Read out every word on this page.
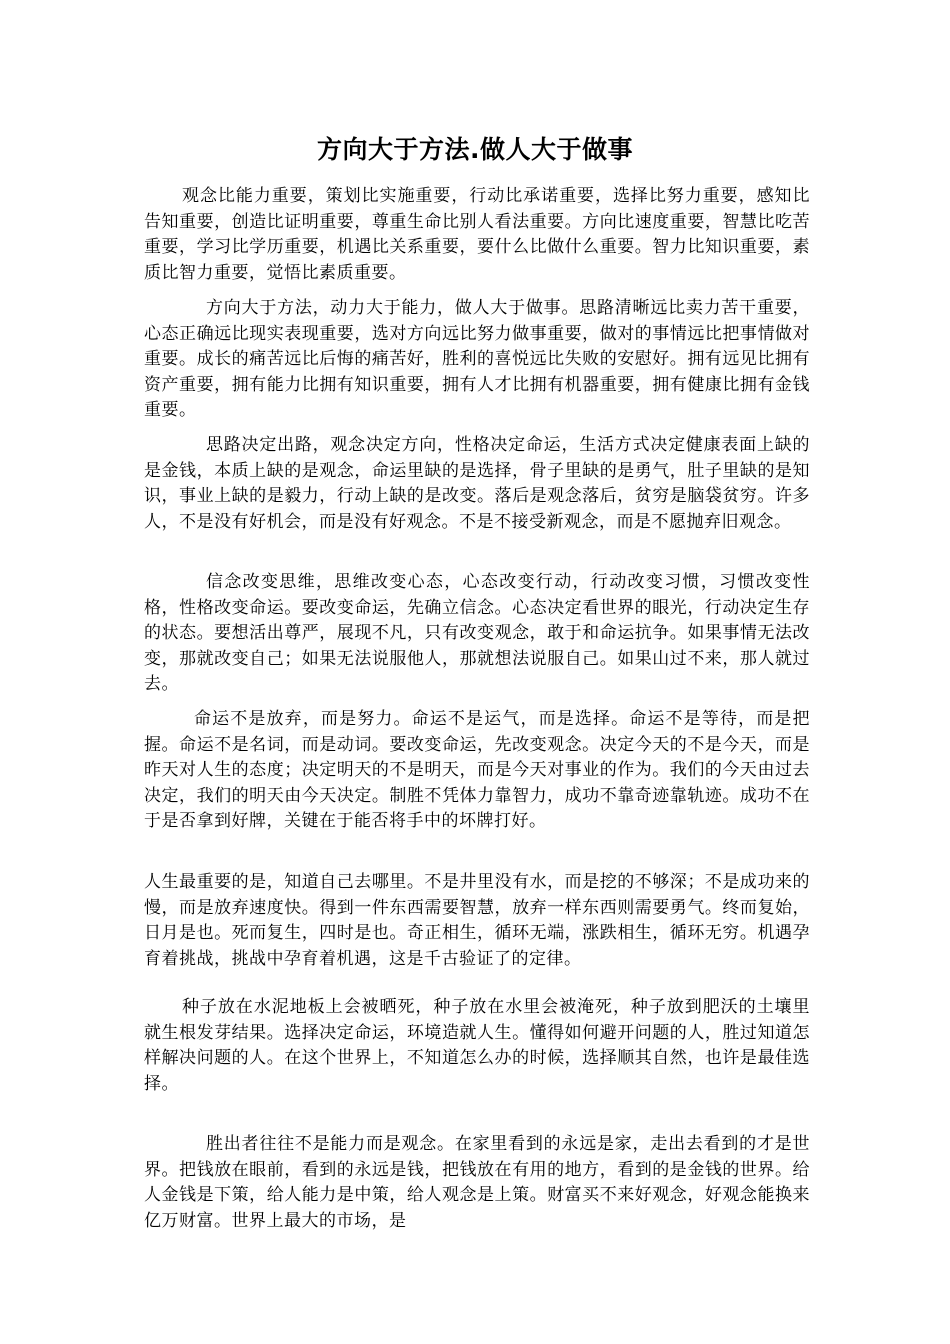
方向大于方法.做人大于做事

观念比能力重要，策划比实施重要，行动比承诺重要，选择比努力重要，感知比告知重要，创造比证明重要，尊重生命比别人看法重要。方向比速度重要，智慧比吃苦重要，学习比学历重要，机遇比关系重要，要什么比做什么重要。智力比知识重要，素质比智力重要，觉悟比素质重要。

方向大于方法，动力大于能力，做人大于做事。思路清晰远比卖力苦干重要，心态正确远比现实表现重要，选对方向远比努力做事重要，做对的事情远比把事情做对重要。成长的痛苦远比后悔的痛苦好，胜利的喜悦远比失败的安慰好。拥有远见比拥有资产重要，拥有能力比拥有知识重要，拥有人才比拥有机器重要，拥有健康比拥有金钱重要。

思路决定出路，观念决定方向，性格决定命运，生活方式决定健康表面上缺的是金钱，本质上缺的是观念，命运里缺的是选择，骨子里缺的是勇气，肚子里缺的是知识，事业上缺的是毅力，行动上缺的是改变。落后是观念落后，贫穷是脑袋贫穷。许多人，不是没有好机会，而是没有好观念。不是不接受新观念，而是不愿抛弃旧观念。

信念改变思维，思维改变心态，心态改变行动，行动改变习惯，习惯改变性格，性格改变命运。要改变命运，先确立信念。心态决定看世界的眼光，行动决定生存的状态。要想活出尊严，展现不凡，只有改变观念，敢于和命运抗争。如果事情无法改变，那就改变自己；如果无法说服他人，那就想法说服自己。如果山过不来，那人就过去。

命运不是放弃，而是努力。命运不是运气，而是选择。命运不是等待，而是把握。命运不是名词，而是动词。要改变命运，先改变观念。决定今天的不是今天，而是昨天对人生的态度；决定明天的不是明天，而是今天对事业的作为。我们的今天由过去决定，我们的明天由今天决定。制胜不凭体力靠智力，成功不靠奇迹靠轨迹。成功不在于是否拿到好牌，关键在于能否将手中的坏牌打好。

人生最重要的是，知道自己去哪里。不是井里没有水，而是挖的不够深；不是成功来的慢，而是放弃速度快。得到一件东西需要智慧，放弃一样东西则需要勇气。终而复始，日月是也。死而复生，四时是也。奇正相生，循环无端，涨跌相生，循环无穷。机遇孕育着挑战，挑战中孕育着机遇，这是千古验证了的定律。

种子放在水泥地板上会被晒死，种子放在水里会被淹死，种子放到肥沃的土壤里就生根发芽结果。选择决定命运，环境造就人生。懂得如何避开问题的人，胜过知道怎样解决问题的人。在这个世界上，不知道怎么办的时候，选择顺其自然，也许是最佳选择。

胜出者往往不是能力而是观念。在家里看到的永远是家，走出去看到的才是世界。把钱放在眼前，看到的永远是钱，把钱放在有用的地方，看到的是金钱的世界。给人金钱是下策，给人能力是中策，给人观念是上策。财富买不来好观念，好观念能换来亿万财富。世界上最大的市场，是
